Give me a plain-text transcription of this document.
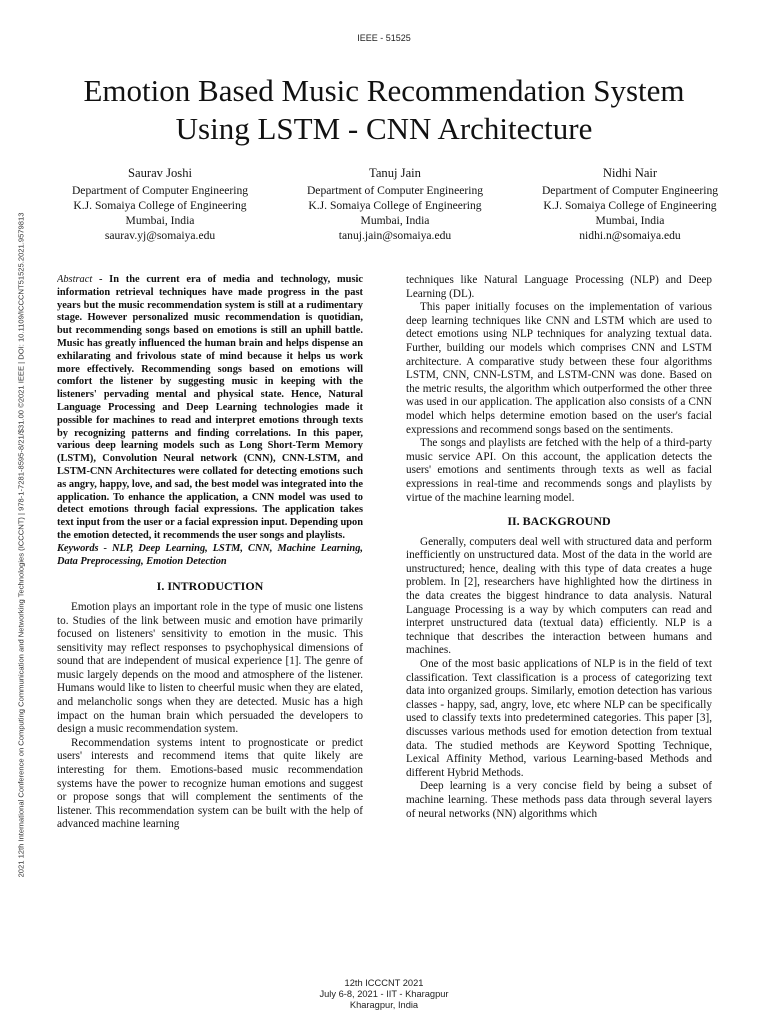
IEEE - 51525
Emotion Based Music Recommendation System
Using LSTM - CNN Architecture
Saurav Joshi
Department of Computer Engineering
K.J. Somaiya College of Engineering
Mumbai, India
saurav.yj@somaiya.edu
Tanuj Jain
Department of Computer Engineering
K.J. Somaiya College of Engineering
Mumbai, India
tanuj.jain@somaiya.edu
Nidhi Nair
Department of Computer Engineering
K.J. Somaiya College of Engineering
Mumbai, India
nidhi.n@somaiya.edu
2021 12th International Conference on Computing Communication and Networking Technologies (ICCCNT) | 978-1-7281-8595-8/21/$31.00 ©2021 IEEE | DOI: 10.1109/ICCCNT51525.2021.9579813	Abstract - In the current era of media and technology, music information retrieval techniques have made progress in the past years but the music recommendation system is still at a rudimentary stage. However personalized music recommendation is quotidian, but recommending songs based on emotions is still an uphill battle. Music has greatly influenced the human brain and helps dispense an exhilarating and frivolous state of mind because it helps us work more effectively. Recommending songs based on emotions will comfort the listener by suggesting music in keeping with the listeners' pervading mental and physical state. Hence, Natural Language Processing and Deep Learning technologies made it possible for machines to read and interpret emotions through texts by recognizing patterns and finding correlations. In this paper, various deep learning models such as Long Short-Term Memory (LSTM), Convolution Neural network (CNN), CNN-LSTM, and LSTM-CNN Architectures were collated for detecting emotions such as angry, happy, love, and sad, the best model was integrated into the application. To enhance the application, a CNN model was used to detect emotions through facial expressions. The application takes text input from the user or a facial expression input. Depending upon the emotion detected, it recommends the user songs and playlists.

Keywords - NLP, Deep Learning, LSTM, CNN, Machine Learning, Data Preprocessing, Emotion Detection

I. INTRODUCTION

Emotion plays an important role in the type of music one listens to. Studies of the link between music and emotion have primarily focused on listeners' sensitivity to emotion in the music. This sensitivity may reflect responses to psychophysical dimensions of sound that are independent of musical experience [1]. The genre of music largely depends on the mood and atmosphere of the listener. Humans would like to listen to cheerful music when they are elated, and melancholic songs when they are detected. Music has a high impact on the human brain which persuaded the developers to design a music recommendation system.

Recommendation systems intent to prognosticate or predict users' interests and recommend items that quite likely are interesting for them. Emotions-based music recommendation systems have the power to recognize human emotions and suggest or propose songs that will complement the sentiments of the listener. This recommendation system can be built with the help of advanced machine learning

techniques like Natural Language Processing (NLP) and Deep Learning (DL).

This paper initially focuses on the implementation of various deep learning techniques like CNN and LSTM which are used to detect emotions using NLP techniques for analyzing textual data. Further, building our models which comprises CNN and LSTM architecture. A comparative study between these four algorithms LSTM, CNN, CNN-LSTM, and LSTM-CNN was done. Based on the metric results, the algorithm which outperformed the other three was used in our application. The application also consists of a CNN model which helps determine emotion based on the user's facial expressions and recommend songs based on the sentiments.

The songs and playlists are fetched with the help of a third-party music service API. On this account, the application detects the users' emotions and sentiments through texts as well as facial expressions in real-time and recommends songs and playlists by virtue of the machine learning model.

II. BACKGROUND

Generally, computers deal well with structured data and perform inefficiently on unstructured data. Most of the data in the world are unstructured; hence, dealing with this type of data creates a huge problem. In [2], researchers have highlighted how the dirtiness in the data creates the biggest hindrance to data analysis. Natural Language Processing is a way by which computers can read and interpret unstructured data (textual data) efficiently. NLP is a technique that describes the interaction between humans and machines.

One of the most basic applications of NLP is in the field of text classification. Text classification is a process of categorizing text data into organized groups. Similarly, emotion detection has various classes - happy, sad, angry, love, etc where NLP can be specifically used to classify texts into predetermined categories. This paper [3], discusses various methods used for emotion detection from textual data. The studied methods are Keyword Spotting Technique, Lexical Affinity Method, various Learning-based Methods and different Hybrid Methods.

Deep learning is a very concise field by being a subset of machine learning. These methods pass data through several layers of neural networks (NN) algorithms which

12th ICCCNT 2021
July 6-8, 2021 - IIT - Kharagpur
Kharagpur, India
